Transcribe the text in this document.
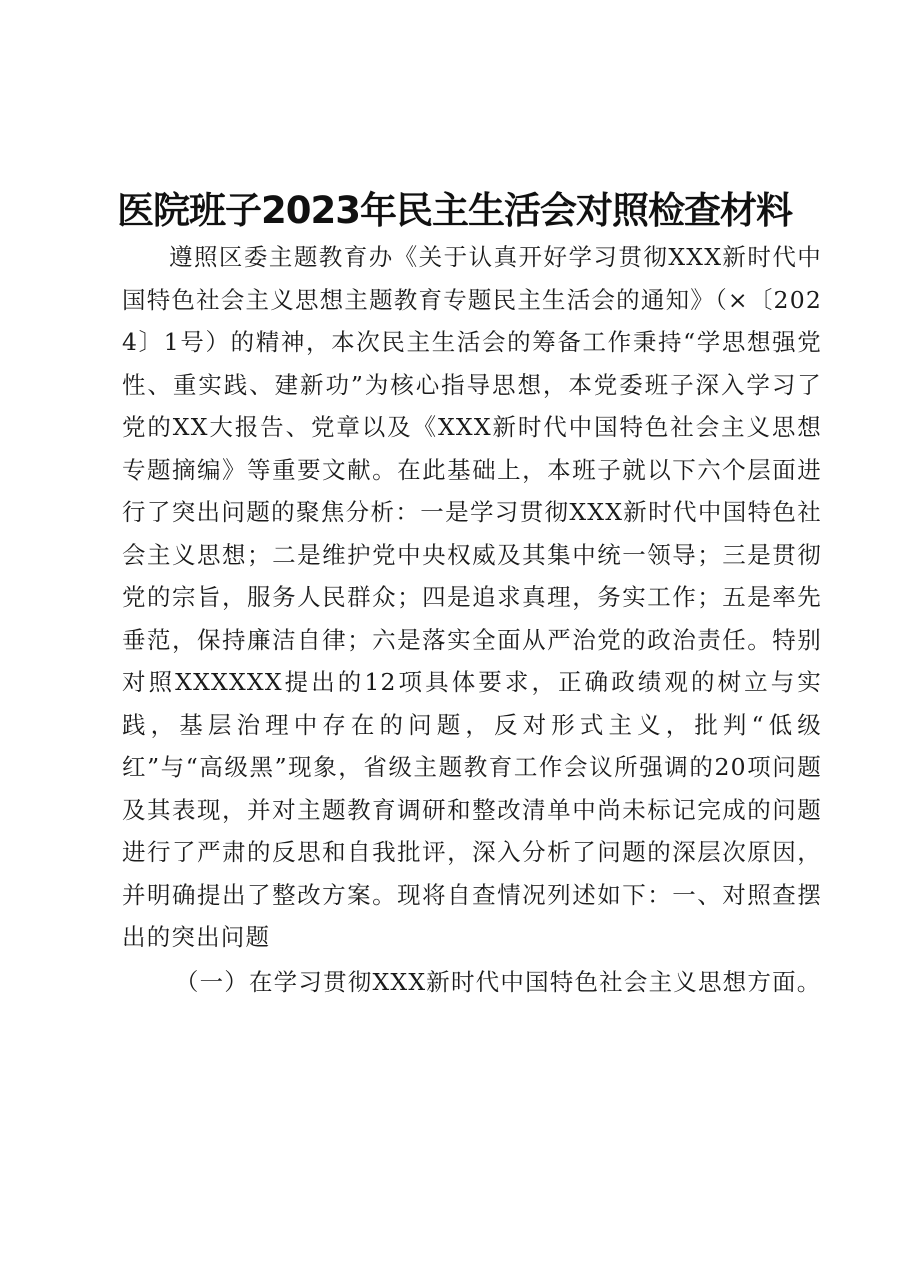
医院班子2023年民主生活会对照检查材料

遵照区委主题教育办《关于认真开好学习贯彻XXX新时代中国特色社会主义思想主题教育专题民主生活会的通知》（×〔2024〕1号）的精神，本次民主生活会的筹备工作秉持“学思想强党性、重实践、建新功”为核心指导思想，本党委班子深入学习了党的XX大报告、党章以及《XXX新时代中国特色社会主义思想专题摘编》等重要文献。在此基础上，本班子就以下六个层面进行了突出问题的聚焦分析：一是学习贯彻XXX新时代中国特色社会主义思想；二是维护党中央权威及其集中统一领导；三是贯彻党的宗旨，服务人民群众；四是追求真理，务实工作；五是率先垂范，保持廉洁自律；六是落实全面从严治党的政治责任。特别对照XXXXXX提出的12项具体要求，正确政绩观的树立与实践，基层治理中存在的问题，反对形式主义，批判“低级红”与“高级黑”现象，省级主题教育工作会议所强调的20项问题及其表现，并对主题教育调研和整改清单中尚未标记完成的问题进行了严肃的反思和自我批评，深入分析了问题的深层次原因，并明确提出了整改方案。现将自查情况列述如下：一、对照查摆出的突出问题

（一）在学习贯彻XXX新时代中国特色社会主义思想方面。
